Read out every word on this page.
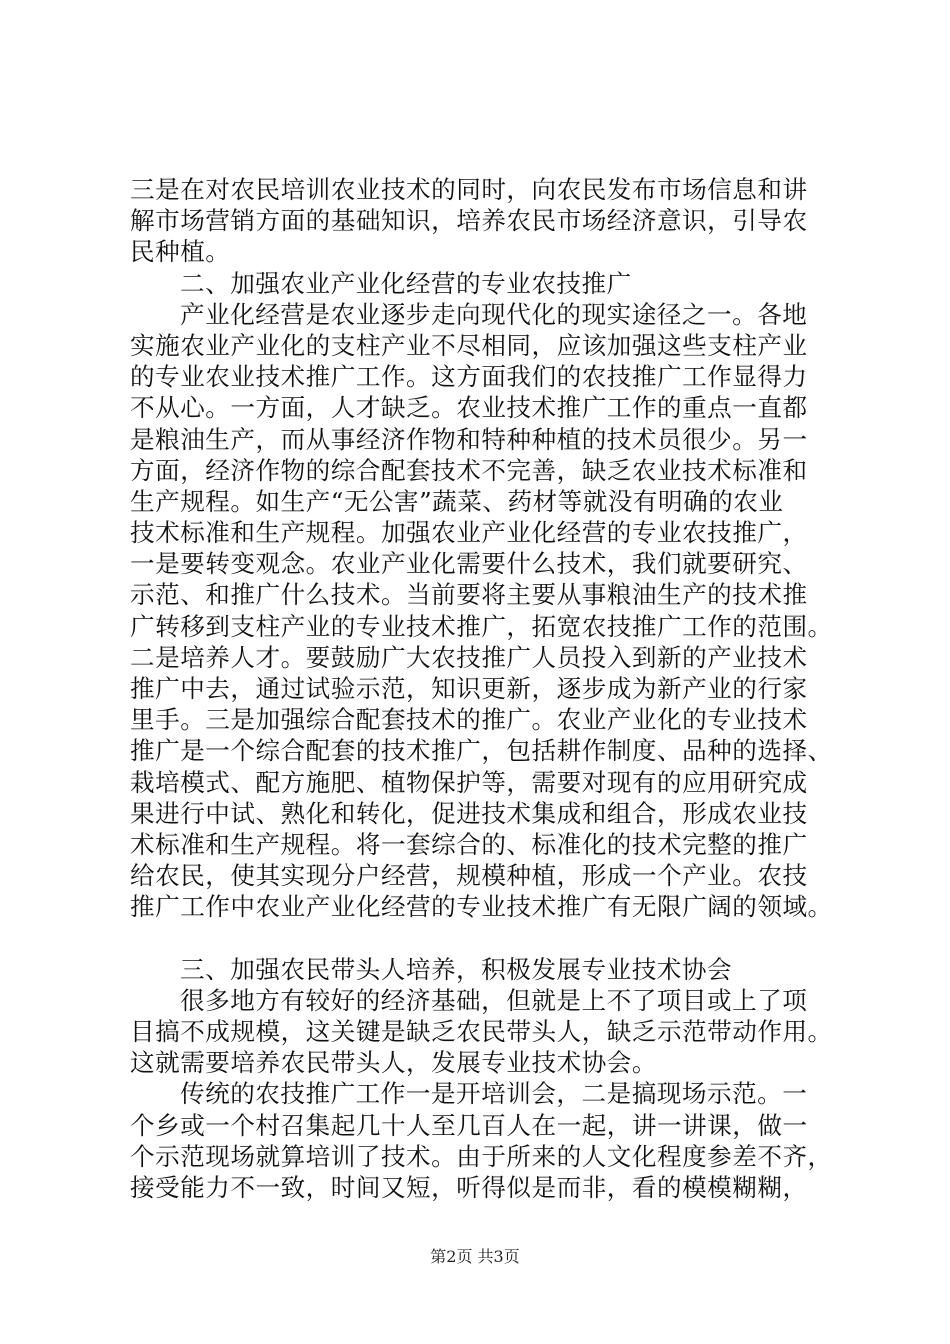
三是在对农民培训农业技术的同时，向农民发布市场信息和讲
解市场营销方面的基础知识，培养农民市场经济意识，引导农
民种植。
二、加强农业产业化经营的专业农技推广
产业化经营是农业逐步走向现代化的现实途径之一。各地
实施农业产业化的支柱产业不尽相同，应该加强这些支柱产业
的专业农业技术推广工作。这方面我们的农技推广工作显得力
不从心。一方面，人才缺乏。农业技术推广工作的重点一直都
是粮油生产，而从事经济作物和特种种植的技术员很少。另一
方面，经济作物的综合配套技术不完善，缺乏农业技术标准和
生产规程。如生产“无公害”蔬菜、药材等就没有明确的农业
技术标准和生产规程。加强农业产业化经营的专业农技推广，
一是要转变观念。农业产业化需要什么技术，我们就要研究、
示范、和推广什么技术。当前要将主要从事粮油生产的技术推
广转移到支柱产业的专业技术推广，拓宽农技推广工作的范围。
二是培养人才。要鼓励广大农技推广人员投入到新的产业技术
推广中去，通过试验示范，知识更新，逐步成为新产业的行家
里手。三是加强综合配套技术的推广。农业产业化的专业技术
推广是一个综合配套的技术推广，包括耕作制度、品种的选择、
栽培模式、配方施肥、植物保护等，需要对现有的应用研究成
果进行中试、熟化和转化，促进技术集成和组合，形成农业技
术标准和生产规程。将一套综合的、标准化的技术完整的推广
给农民，使其实现分户经营，规模种植，形成一个产业。农技
推广工作中农业产业化经营的专业技术推广有无限广阔的领域。
三、加强农民带头人培养，积极发展专业技术协会
很多地方有较好的经济基础，但就是上不了项目或上了项
目搞不成规模，这关键是缺乏农民带头人，缺乏示范带动作用。
这就需要培养农民带头人，发展专业技术协会。
传统的农技推广工作一是开培训会，二是搞现场示范。一
个乡或一个村召集起几十人至几百人在一起，讲一讲课，做一
个示范现场就算培训了技术。由于所来的人文化程度参差不齐，
接受能力不一致，时间又短，听得似是而非，看的模模糊糊，
第2页 共3页
